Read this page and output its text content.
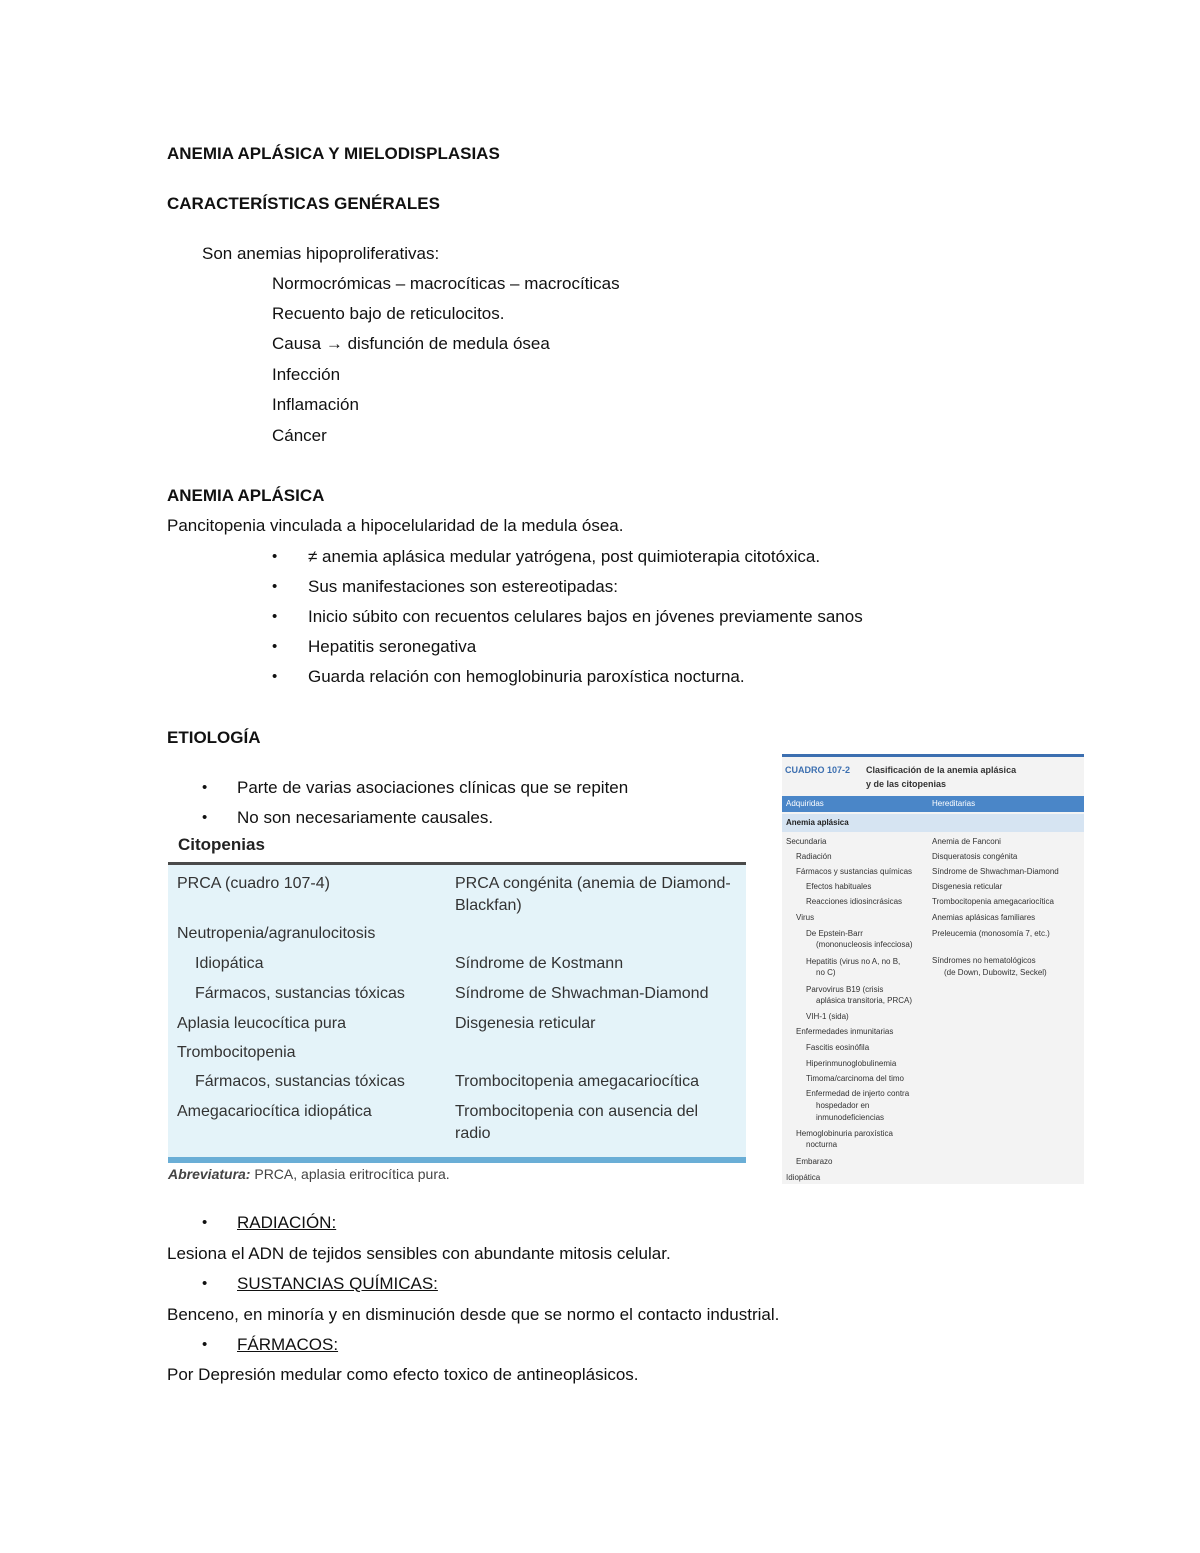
ANEMIA APLÁSICA Y MIELODISPLASIAS
CARACTERÍSTICAS GENÉRALES
Son anemias hipoproliferativas:
Normocrómicas – macrocíticas – macrocíticas
Recuento bajo de reticulocitos.
Causa → disfunción de medula ósea
Infección
Inflamación
Cáncer
ANEMIA APLÁSICA
Pancitopenia vinculada a hipocelularidad de la medula ósea.
• ≠ anemia aplásica medular yatrógena, post quimioterapia citotóxica.
• Sus manifestaciones son estereotipadas:
• Inicio súbito con recuentos celulares bajos en jóvenes previamente sanos
• Hepatitis seronegativa
• Guarda relación con hemoglobinuria paroxística nocturna.
ETIOLOGÍA
• Parte de varias asociaciones clínicas que se repiten
• No son necesariamente causales.
Citopenias
PRCA (cuadro 107-4)
Neutropenia/agranulocitosis
Idiopática
Fármacos, sustancias tóxicas
Aplasia leucocítica pura
Trombocitopenia
Fármacos, sustancias tóxicas
Amegacariocítica idiopática
PRCA congénita (anemia de Diamond-
Blackfan)
Síndrome de Kostmann
Síndrome de Shwachman-Diamond
Disgenesia reticular
Trombocitopenia amegacariocítica
Trombocitopenia con ausencia del
radio
Abreviatura: PRCA, aplasia eritrocítica pura.
CUADRO 107-2 Clasificación de la anemia aplásica
y de las citopenias
Adquiridas	Hereditarias
Anemia aplásica
Secundaria
Radiación
Fármacos y sustancias químicas
Efectos habituales
Reacciones idiosincrásicas
Virus
De Epstein-Barr
(mononucleosis infecciosa)
Hepatitis (virus no A, no B,
no C)
Parvovirus B19 (crisis
aplásica transitoria, PRCA)
VIH-1 (sida)
Enfermedades inmunitarias
Fascitis eosinófila
Hiperinmunoglobulinemia
Timoma/carcinoma del timo
Enfermedad de injerto contra
hospedador en
inmunodeficiencias
Hemoglobinuria paroxística
nocturna
Embarazo
Idiopática
Anemia de Fanconi
Disqueratosis congénita
Síndrome de Shwachman-Diamond
Disgenesia reticular
Trombocitopenia amegacariocítica
Anemias aplásicas familiares
Preleucemia (monosomía 7, etc.)
Síndromes no hematológicos
(de Down, Dubowitz, Seckel)
• RADIACIÓN:
Lesiona el ADN de tejidos sensibles con abundante mitosis celular.
• SUSTANCIAS QUÍMICAS:
Benceno, en minoría y en disminución desde que se normo el contacto industrial.
• FÁRMACOS:
Por Depresión medular como efecto toxico de antineoplásicos.
